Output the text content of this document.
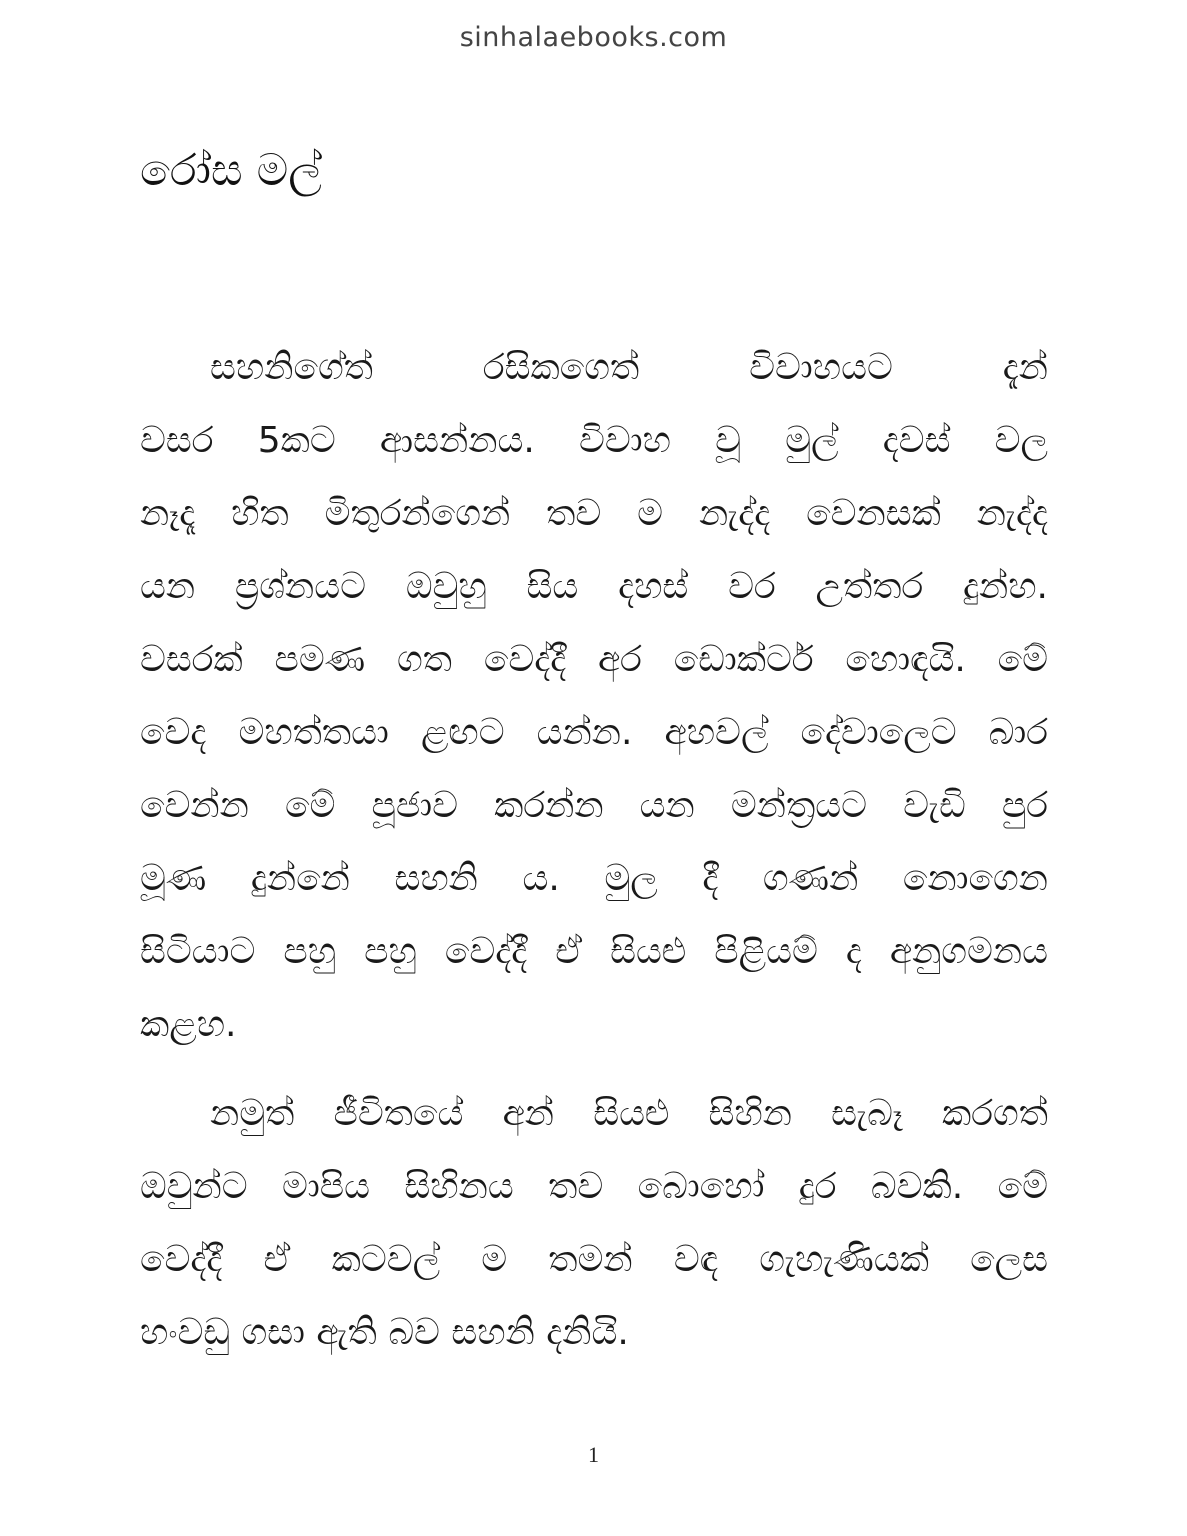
sinhalaebooks.com
රෝස මල්
සහනිගේත් රසිකගෙත් විවාහයට දැන්
වසර 5කට ආසන්නය. විවාහ වූ මුල් දවස් වල
නෑදෑ හිත මිතුරන්ගෙන් තව ම නැද්ද වෙනසක් නැද්ද
යන ප්‍රශ්නයට ඔවුහු සිය දහස් වර උත්තර දුන්හ.
වසරක් පමණ ගත වෙද්දී අර ඩොක්ටර් හොඳයි. මේ
වෙද මහත්තයා ළඟට යන්න. අහවල් දේවාලෙට බාර
වෙන්න මේ පූජාව කරන්න යන මන්ත්‍රයට වැඩි පුර
මූණ දුන්නේ සහනි ය. මුල දී ගණන් නොගෙන
සිටියාට පහු පහු වෙද්දී ඒ සියළු පිළියම් ද අනුගමනය
කළහ.
නමුත් ජීවිතයේ අන් සියළු සිහින සැබෑ කරගත්
ඔවුන්ට මාපිය සිහිනය තව බොහෝ දුර බවකි. මේ
වෙද්දී ඒ කටවල් ම තමන් වඳ ගැහැණියක් ලෙස
හංවඩු ගසා ඇති බව සහනි දනියි.
1
